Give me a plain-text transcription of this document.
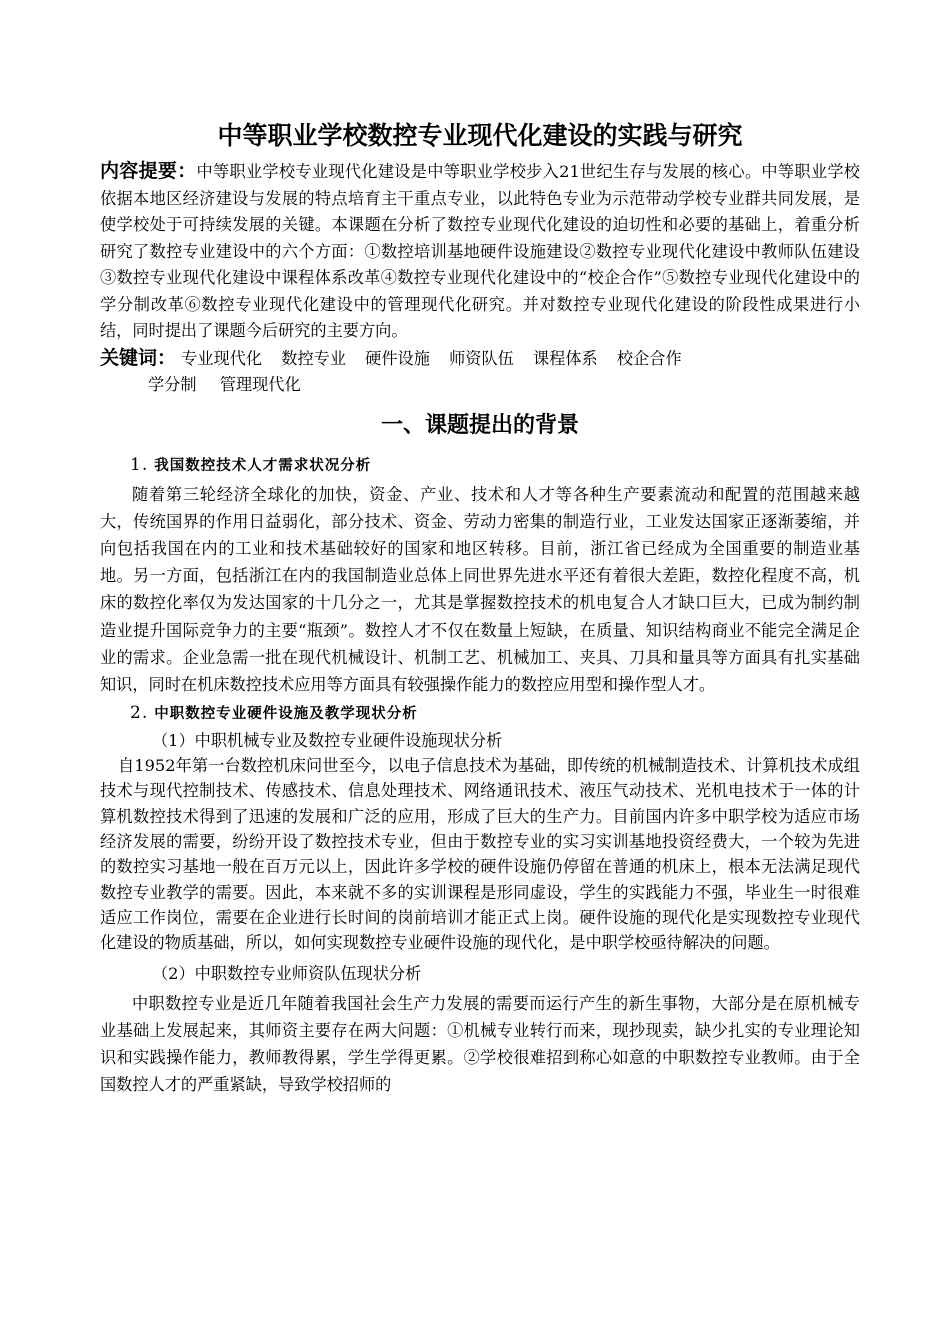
中等职业学校数控专业现代化建设的实践与研究

内容提要：中等职业学校专业现代化建设是中等职业学校步入21世纪生存与发展的核心。中等职业学校依据本地区经济建设与发展的特点培育主干重点专业，以此特色专业为示范带动学校专业群共同发展，是使学校处于可持续发展的关键。本课题在分析了数控专业现代化建设的迫切性和必要的基础上，着重分析研究了数控专业建设中的六个方面：①数控培训基地硬件设施建设②数控专业现代化建设中教师队伍建设③数控专业现代化建设中课程体系改革④数控专业现代化建设中的“校企合作”⑤数控专业现代化建设中的学分制改革⑥数控专业现代化建设中的管理现代化研究。并对数控专业现代化建设的阶段性成果进行小结，同时提出了课题今后研究的主要方向。

关键词： 专业现代化 数控专业 硬件设施 师资队伍 课程体系 校企合作

学分制 管理现代化

一、课题提出的背景

1. 我国数控技术人才需求状况分析

随着第三轮经济全球化的加快，资金、产业、技术和人才等各种生产要素流动和配置的范围越来越大，传统国界的作用日益弱化，部分技术、资金、劳动力密集的制造行业，工业发达国家正逐渐萎缩，并向包括我国在内的工业和技术基础较好的国家和地区转移。目前，浙江省已经成为全国重要的制造业基地。另一方面，包括浙江在内的我国制造业总体上同世界先进水平还有着很大差距，数控化程度不高，机床的数控化率仅为发达国家的十几分之一，尤其是掌握数控技术的机电复合人才缺口巨大，已成为制约制造业提升国际竞争力的主要“瓶颈”。数控人才不仅在数量上短缺，在质量、知识结构商业不能完全满足企业的需求。企业急需一批在现代机械设计、机制工艺、机械加工、夹具、刀具和量具等方面具有扎实基础知识，同时在机床数控技术应用等方面具有较强操作能力的数控应用型和操作型人才。

2. 中职数控专业硬件设施及教学现状分析

（1）中职机械专业及数控专业硬件设施现状分析

自1952年第一台数控机床问世至今，以电子信息技术为基础，即传统的机械制造技术、计算机技术成组技术与现代控制技术、传感技术、信息处理技术、网络通讯技术、液压气动技术、光机电技术于一体的计算机数控技术得到了迅速的发展和广泛的应用，形成了巨大的生产力。目前国内许多中职学校为适应市场经济发展的需要，纷纷开设了数控技术专业，但由于数控专业的实习实训基地投资经费大，一个较为先进的数控实习基地一般在百万元以上，因此许多学校的硬件设施仍停留在普通的机床上，根本无法满足现代数控专业教学的需要。因此，本来就不多的实训课程是形同虚设，学生的实践能力不强，毕业生一时很难适应工作岗位，需要在企业进行长时间的岗前培训才能正式上岗。硬件设施的现代化是实现数控专业现代化建设的物质基础，所以，如何实现数控专业硬件设施的现代化，是中职学校亟待解决的问题。

（2）中职数控专业师资队伍现状分析

中职数控专业是近几年随着我国社会生产力发展的需要而运行产生的新生事物，大部分是在原机械专业基础上发展起来，其师资主要存在两大问题：①机械专业转行而来，现抄现卖，缺少扎实的专业理论知识和实践操作能力，教师教得累，学生学得更累。②学校很难招到称心如意的中职数控专业教师。由于全国数控人才的严重紧缺，导致学校招师的
